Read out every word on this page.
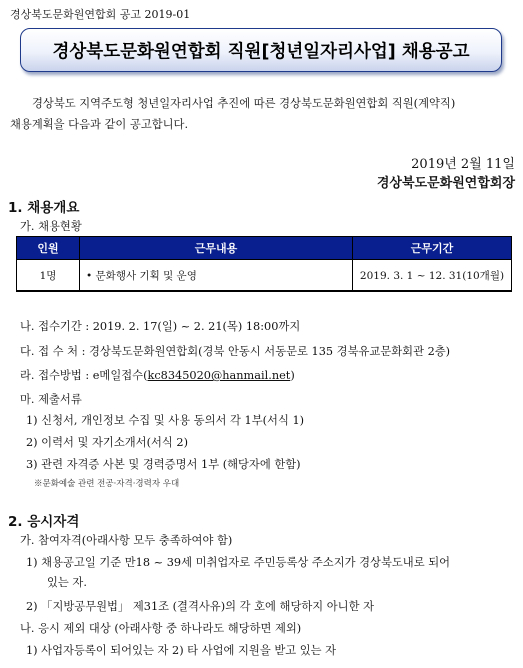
경상북도문화원연합회 공고 2019-01
경상북도문화원연합회 직원[청년일자리사업] 채용공고
경상북도 지역주도형 청년일자리사업 추진에 따른 경상북도문화원연합회 직원(계약직)
채용계획을 다음과 같이 공고합니다.
2019년 2월 11일
경상북도문화원연합회장
1. 채용개요
가. 채용현황
인원	근무내용	근무기간
1명	• 문화행사 기획 및 운영	2019. 3. 1 ~ 12. 31(10개월)
나. 접수기간 : 2019. 2. 17(일) ~ 2. 21(목) 18:00까지
다. 접 수 처 : 경상북도문화원연합회(경북 안동시 서동문로 135 경북유교문화회관 2층)
라. 접수방법 : e메일접수(kc8345020@hanmail.net)
마. 제출서류
1) 신청서, 개인정보 수집 및 사용 동의서 각 1부(서식 1)
2) 이력서 및 자기소개서(서식 2)
3) 관련 자격증 사본 및 경력증명서 1부 (해당자에 한함)
※문화예술 관련 전공·자격·경력자 우대
2. 응시자격
가. 참여자격(아래사항 모두 충족하여야 함)
1) 채용공고일 기준 만18 ~ 39세 미취업자로 주민등록상 주소지가 경상북도내로 되어
있는 자.
2) 「지방공무원법」 제31조 (결격사유)의 각 호에 해당하지 아니한 자
나. 응시 제외 대상 (아래사항 중 하나라도 해당하면 제외)
1) 사업자등록이 되어있는 자 2) 타 사업에 지원을 받고 있는 자
